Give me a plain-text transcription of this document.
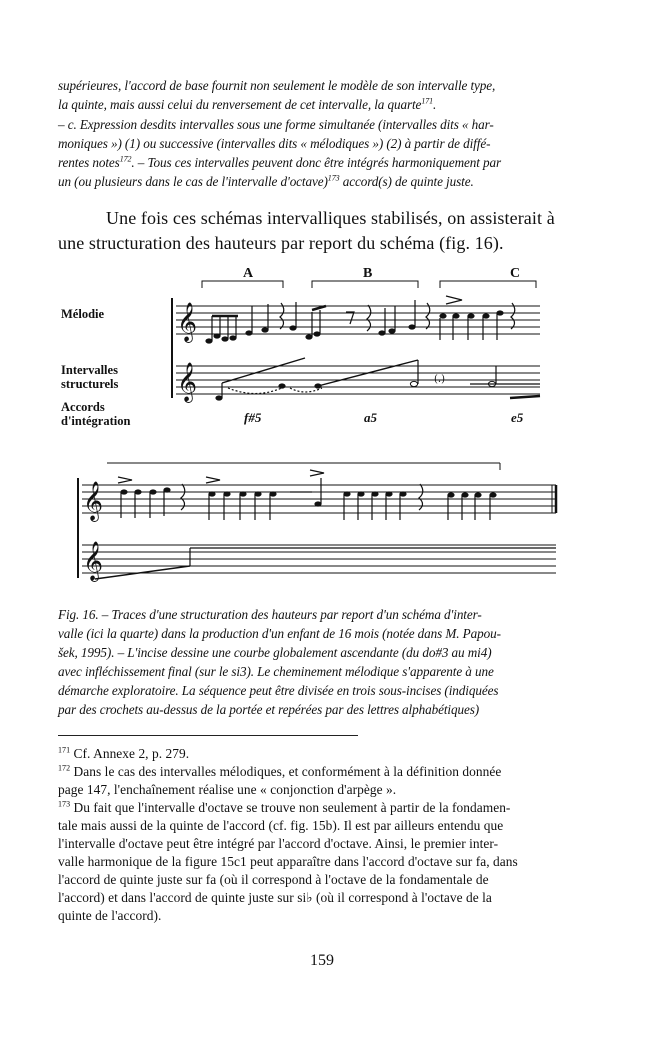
supérieures, l'accord de base fournit non seulement le modèle de son intervalle type,
la quinte, mais aussi celui du renversement de cet intervalle, la quarte$^{171}$.
– c. Expression desdits intervalles sous une forme simultanée (intervalles dits « har-
moniques ») (1) ou successive (intervalles dits « mélodiques ») (2) à partir de diffé-
rentes notes$^{172}$. – Tous ces intervalles peuvent donc être intégrés harmoniquement par
un (ou plusieurs dans le cas de l'intervalle d'octave)$^{173}$ accord(s) de quinte juste.
Une fois ces schémas intervalliques stabilisés, on assisterait à
une structuration des hauteurs par report du schéma (fig. 16).
A	B	C
Mélodie
Intervalles
structurels
Accords
d'intégration	f#5	a5	e5
𝄞
𝄞	(.)
𝄞
𝄞
Fig. 16. – Traces d'une structuration des hauteurs par report d'un schéma d'inter-
valle (ici la quarte) dans la production d'un enfant de 16 mois (notée dans M. Papou-
šek, 1995). – L'incise dessine une courbe globalement ascendante (du do#3 au mi4)
avec infléchissement final (sur le si3). Le cheminement mélodique s'apparente à une
démarche exploratoire. La séquence peut être divisée en trois sous-incises (indiquées
par des crochets au-dessus de la portée et repérées par des lettres alphabétiques)
$^{171}$ Cf. Annexe 2, p. 279.
$^{172}$ Dans le cas des intervalles mélodiques, et conformément à la définition donnée
page 147, l'enchaînement réalise une « conjonction d'arpège ».
$^{173}$ Du fait que l'intervalle d'octave se trouve non seulement à partir de la fondamen-
tale mais aussi de la quinte de l'accord (cf. fig. 15b). Il est par ailleurs entendu que
l'intervalle d'octave peut être intégré par l'accord d'octave. Ainsi, le premier inter-
valle harmonique de la figure 15c1 peut apparaître dans l'accord d'octave sur fa, dans
l'accord de quinte juste sur fa (où il correspond à l'octave de la fondamentale de
l'accord) et dans l'accord de quinte juste sur si♭ (où il correspond à l'octave de la
quinte de l'accord).
159
